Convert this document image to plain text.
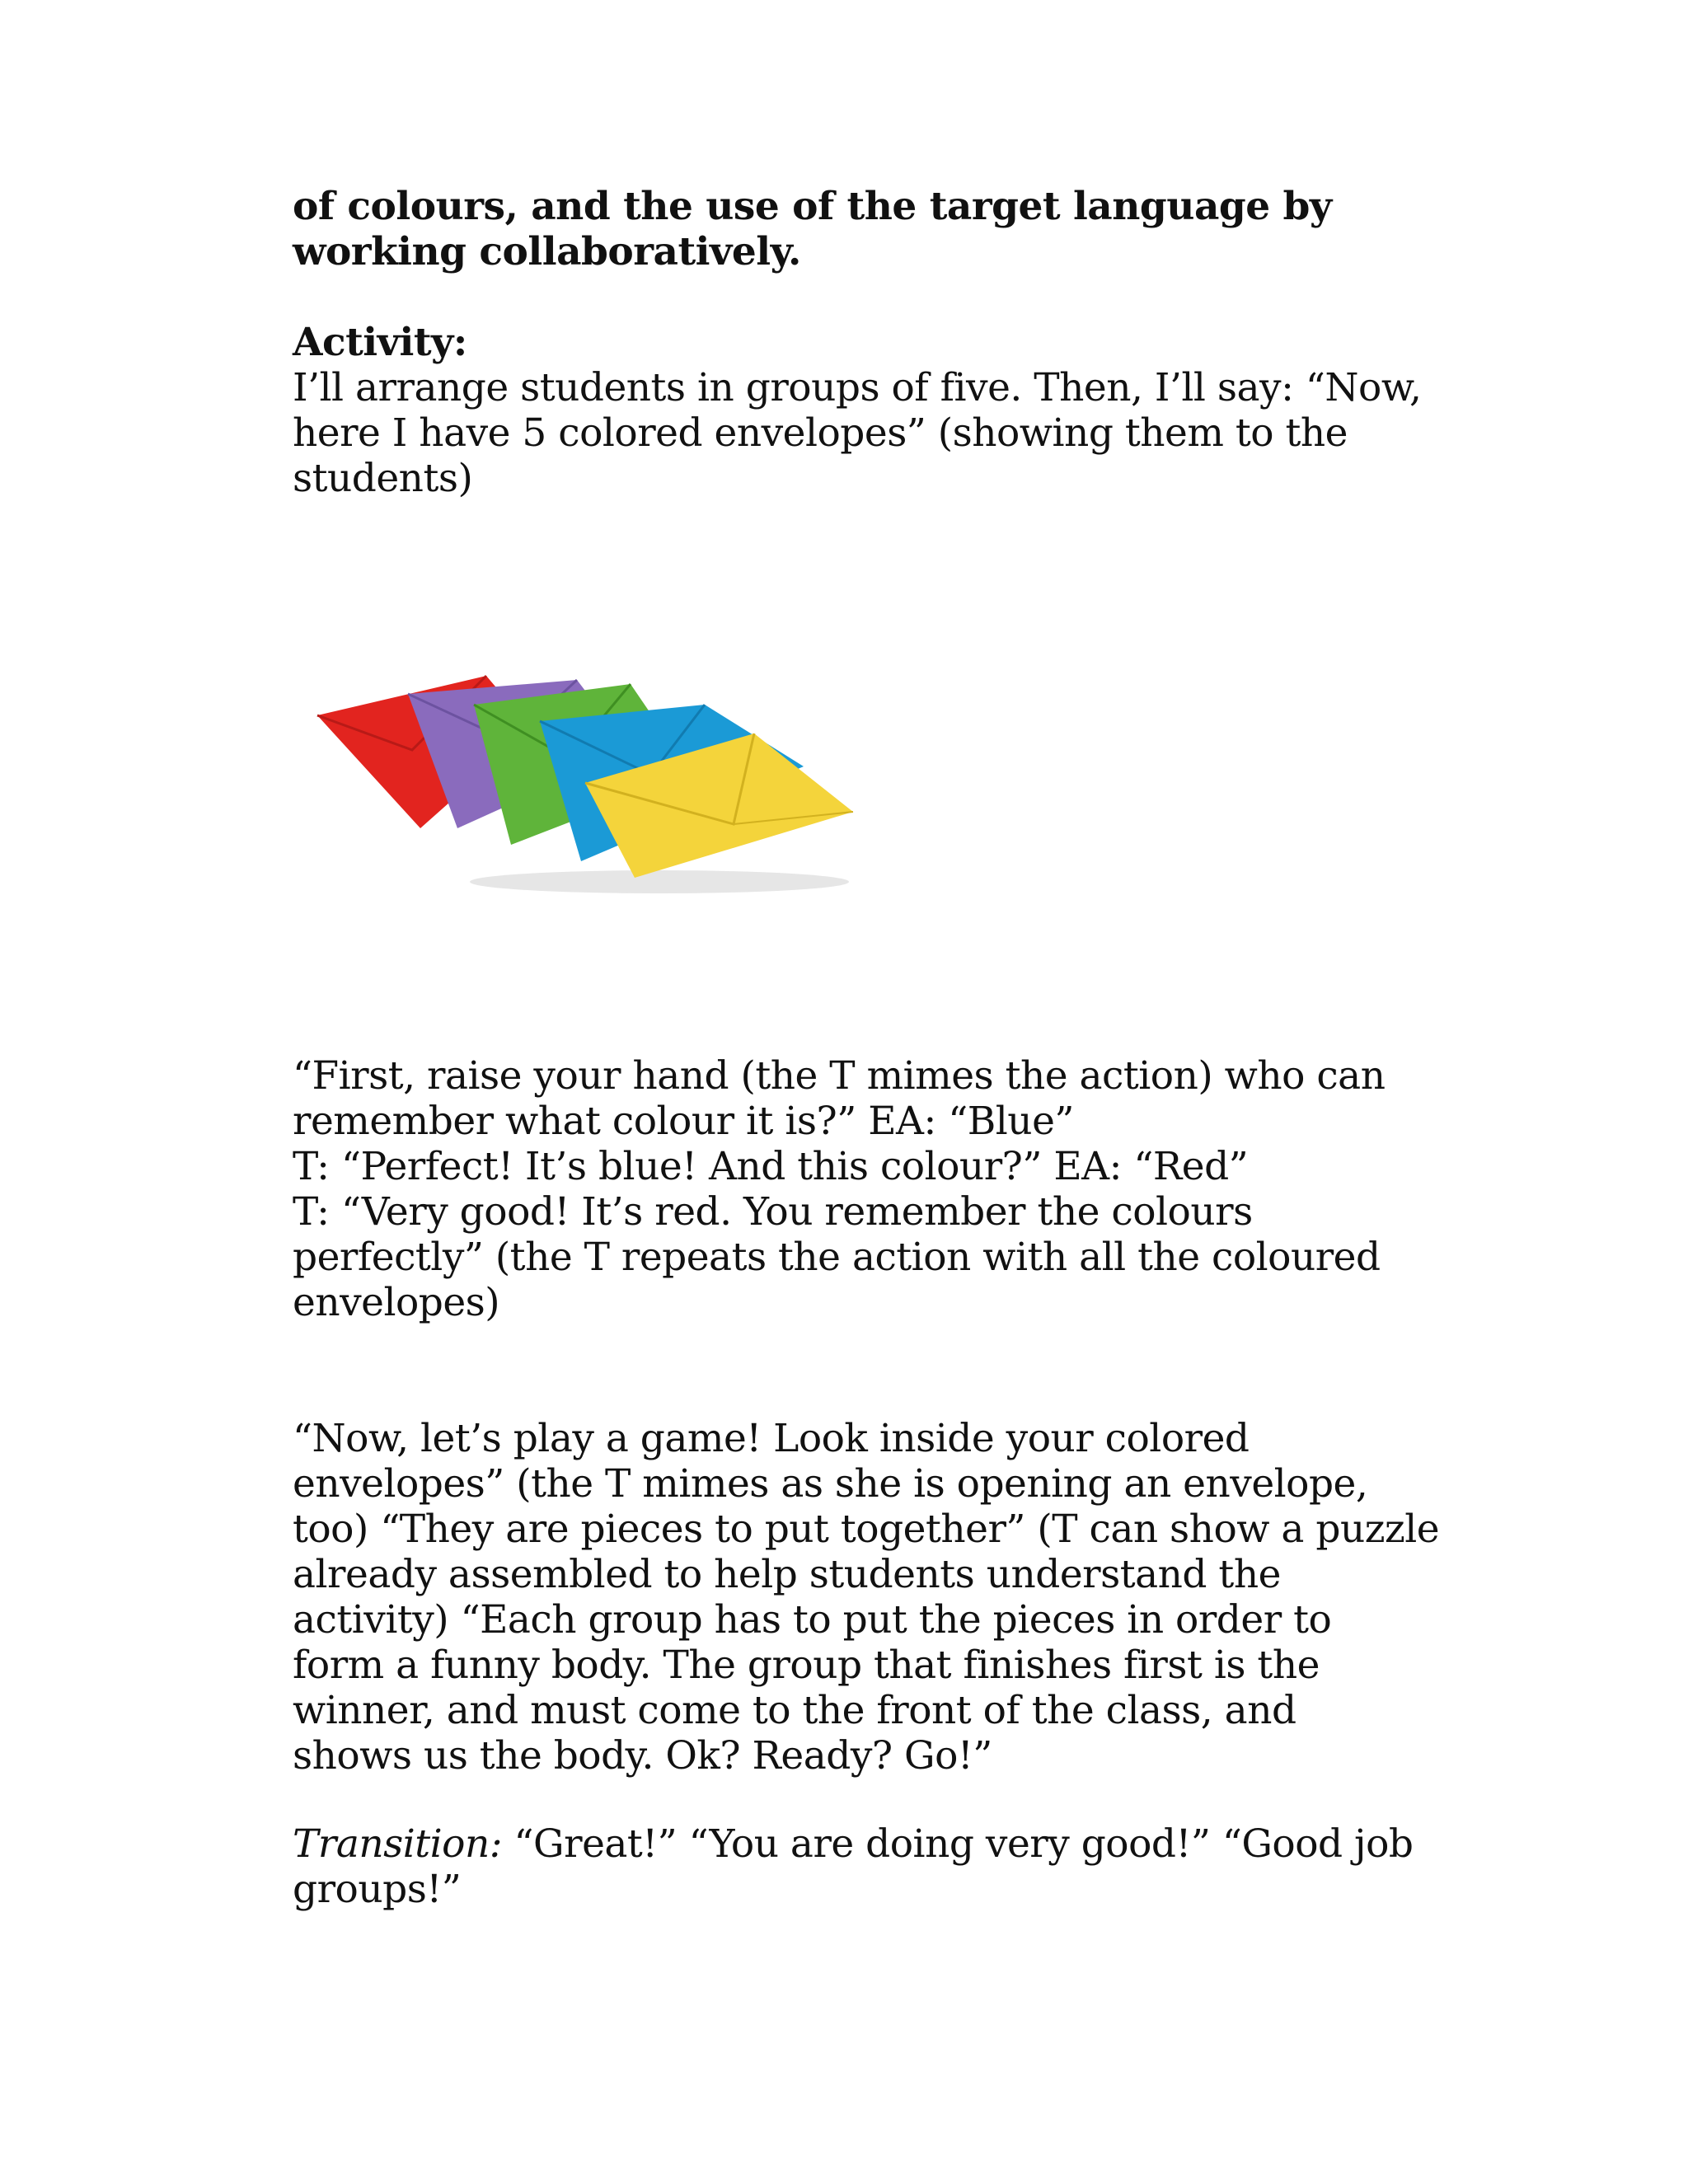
of colours, and the use of the target language by
working collaboratively.
Activity:
I’ll arrange students in groups of five. Then, I’ll say: “Now,
here I have 5 colored envelopes” (showing them to the
students)
“First, raise your hand (the T mimes the action) who can
remember what colour it is?” EA: “Blue”
T: “Perfect! It’s blue! And this colour?” EA: “Red”
T: “Very good! It’s red. You remember the colours
perfectly” (the T repeats the action with all the coloured
envelopes)
“Now, let’s play a game! Look inside your colored
envelopes” (the T mimes as she is opening an envelope,
too) “They are pieces to put together” (T can show a puzzle
already assembled to help students understand the
activity) “Each group has to put the pieces in order to
form a funny body. The group that finishes first is the
winner, and must come to the front of the class, and
shows us the body. Ok? Ready? Go!”
Transition: “Great!” “You are doing very good!” “Good job
groups!”
